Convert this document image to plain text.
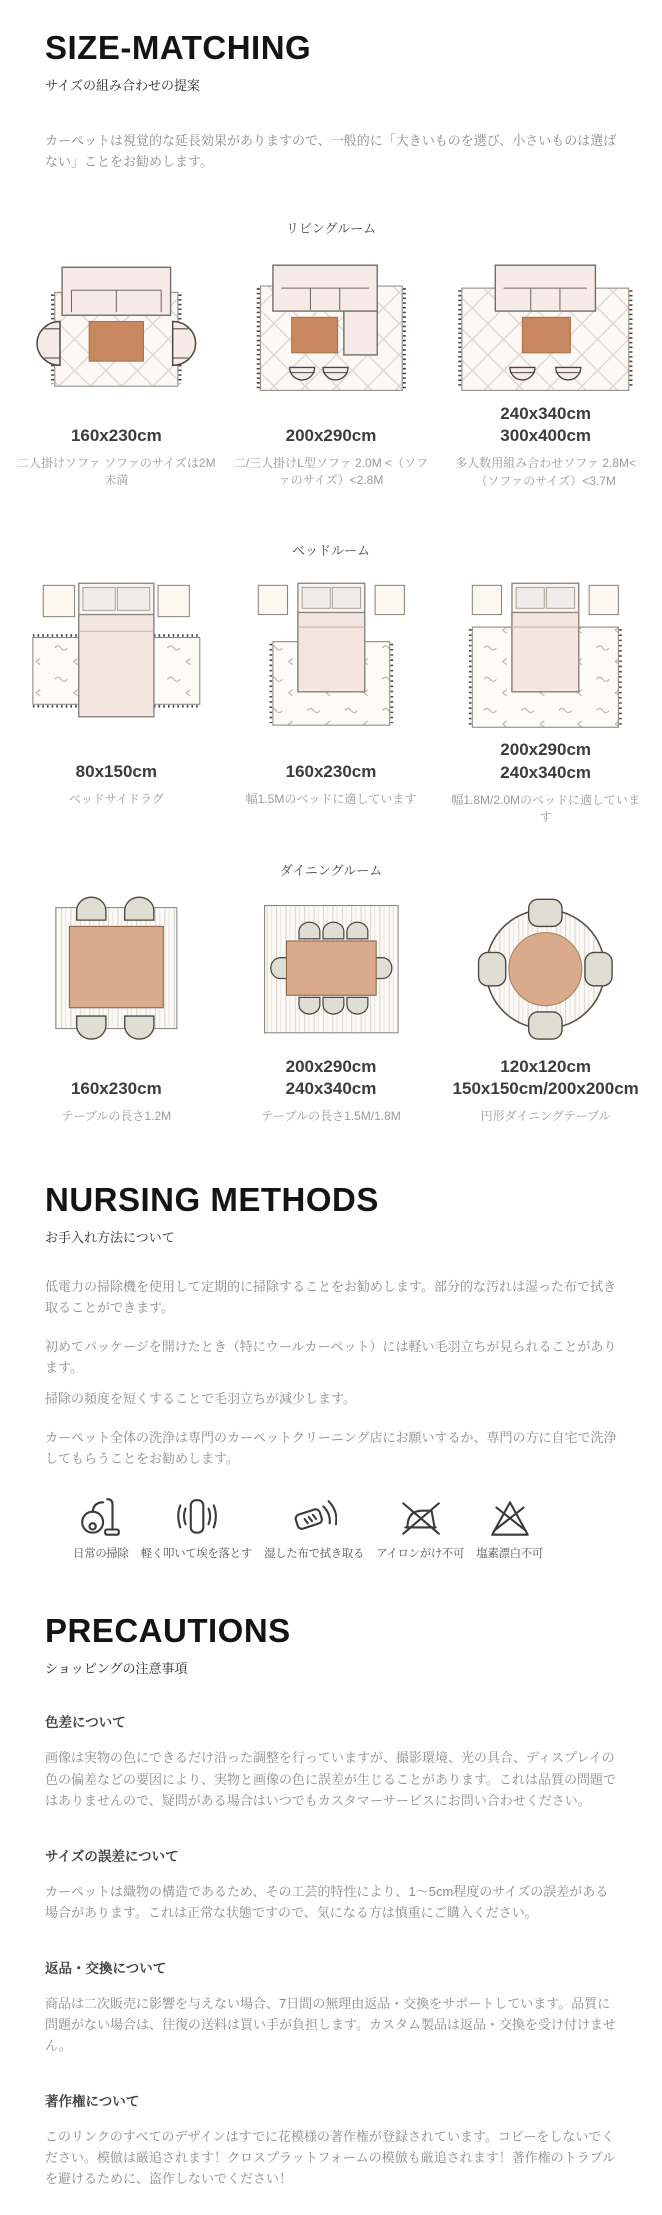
SIZE-MATCHING
サイズの組み合わせの提案

カーペットは視覚的な延長効果がありますので、一般的に「大きいものを選び、小さいものは選ばない」ことをお勧めします。

リビングルーム
160x230cm
二人掛けソファ ソファのサイズは2M未満
200x290cm
二/三人掛けL型ソファ 2.0M <（ソファのサイズ）<2.8M
240x340cm
300x400cm
多人数用組み合わせソファ 2.8M<（ソファのサイズ）<3.7M
ベッドルーム
80x150cm
ベッドサイドラグ
160x230cm
幅1.5Mのベッドに適しています
200x290cm
240x340cm
幅1.8M/2.0Mのベッドに適しています
ダイニングルーム
160x230cm
テーブルの長さ1.2M
200x290cm
240x340cm
テーブルの長さ1.5M/1.8M
120x120cm
150x150cm/200x200cm
円形ダイニングテーブル
NURSING METHODS
お手入れ方法について

低電力の掃除機を使用して定期的に掃除することをお勧めします。部分的な汚れは湿った布で拭き取ることができます。

初めてパッケージを開けたとき（特にウールカーペット）には軽い毛羽立ちが見られることがあります。

掃除の頻度を短くすることで毛羽立ちが減少します。

カーペット全体の洗浄は専門のカーペットクリーニング店にお願いするか、専門の方に自宅で洗浄してもらうことをお勧めします。

日常の掃除 軽く叩いて埃を落とす 湿した布で拭き取る アイロンがけ不可 塩素漂白不可
PRECAUTIONS
ショッピングの注意事項
色差について

画像は実物の色にできるだけ沿った調整を行っていますが、撮影環境、光の具合、ディスプレイの色の偏差などの要因により、実物と画像の色に誤差が生じることがあります。これは品質の問題ではありませんので、疑問がある場合はいつでもカスタマーサービスにお問い合わせください。

サイズの誤差について

カーペットは織物の構造であるため、その工芸的特性により、1〜5cm程度のサイズの誤差がある場合があります。これは正常な状態ですので、気になる方は慎重にご購入ください。

返品・交換について

商品は二次販売に影響を与えない場合、7日間の無理由返品・交換をサポートしています。品質に問題がない場合は、往復の送料は買い手が負担します。カスタム製品は返品・交換を受け付けません。

著作権について

このリンクのすべてのデザインはすでに花模様の著作権が登録されています。コピーをしないでください。模倣は厳追されます！クロスプラットフォームの模倣も厳追されます！著作権のトラブルを避けるために、盗作しないでください！
